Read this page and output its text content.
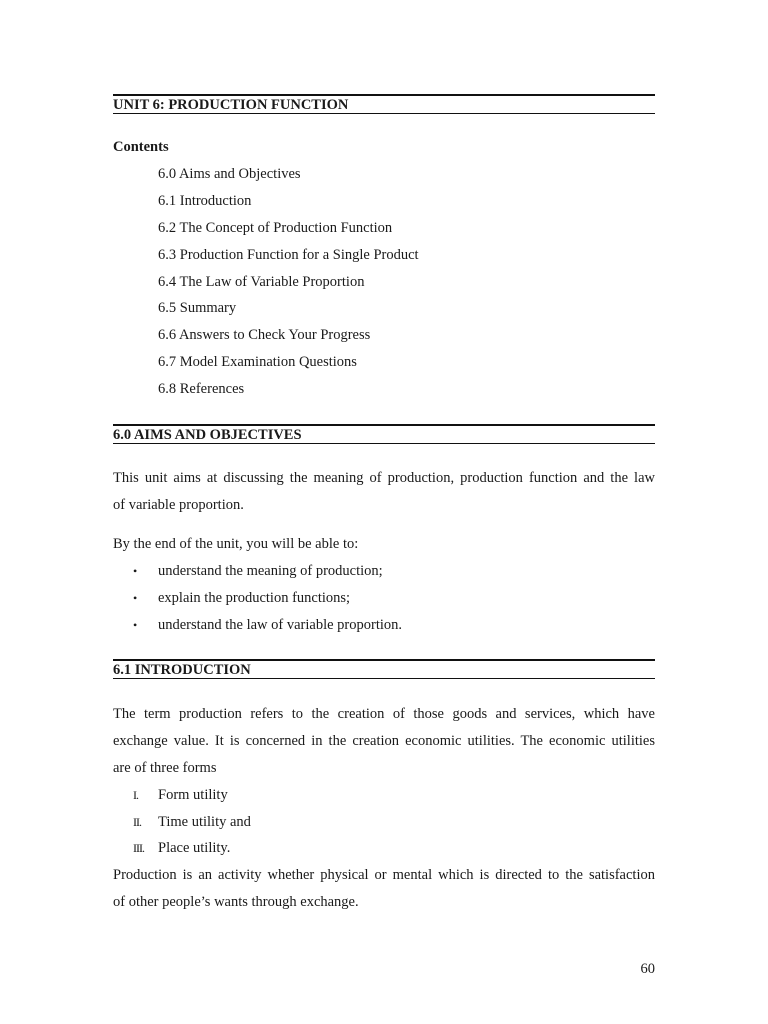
UNIT 6: PRODUCTION FUNCTION
Contents
6.0 Aims and Objectives
6.1 Introduction
6.2 The Concept of Production Function
6.3 Production Function for a Single Product
6.4 The Law of Variable Proportion
6.5 Summary
6.6 Answers to Check Your Progress
6.7 Model Examination Questions
6.8 References
6.0 AIMS AND OBJECTIVES
This unit aims at discussing the meaning of production, production function and the law
of variable proportion.
By the end of the unit, you will be able to:
• understand the meaning of production;
• explain the production functions;
• understand the law of variable proportion.
6.1 INTRODUCTION
The term production refers to the creation of those goods and services, which have
exchange value. It is concerned in the creation economic utilities. The economic utilities
are of three forms
I. Form utility
II. Time utility and
III. Place utility.
Production is an activity whether physical or mental which is directed to the satisfaction
of other people’s wants through exchange.
60
